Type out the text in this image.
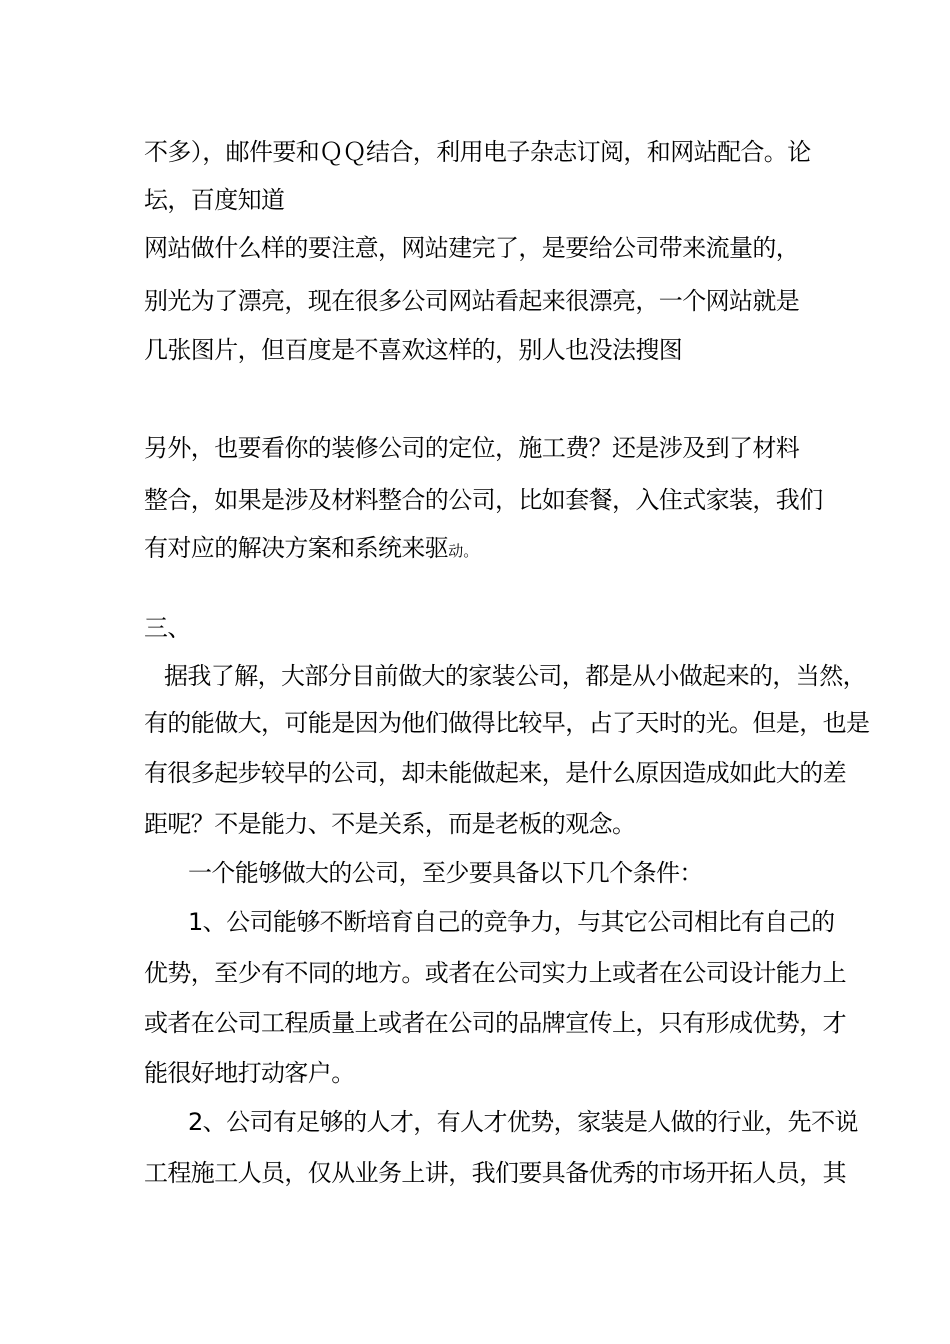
不多），邮件要和ＱＱ结合，利用电子杂志订阅，和网站配合。论
坛，百度知道
网站做什么样的要注意，网站建完了，是要给公司带来流量的，
别光为了漂亮，现在很多公司网站看起来很漂亮，一个网站就是
几张图片，但百度是不喜欢这样的，别人也没法搜图
另外，也要看你的装修公司的定位，施工费？还是涉及到了材料
整合，如果是涉及材料整合的公司，比如套餐，入住式家装，我们
有对应的解决方案和系统来驱动。
三、
据我了解，大部分目前做大的家装公司，都是从小做起来的，当然，
有的能做大，可能是因为他们做得比较早，占了天时的光。但是，也是
有很多起步较早的公司，却未能做起来，是什么原因造成如此大的差
距呢？不是能力、不是关系，而是老板的观念。
一个能够做大的公司，至少要具备以下几个条件：
1、公司能够不断培育自己的竞争力，与其它公司相比有自己的
优势，至少有不同的地方。或者在公司实力上或者在公司设计能力上
或者在公司工程质量上或者在公司的品牌宣传上，只有形成优势，才
能很好地打动客户。
2、公司有足够的人才，有人才优势，家装是人做的行业，先不说
工程施工人员，仅从业务上讲，我们要具备优秀的市场开拓人员，其
